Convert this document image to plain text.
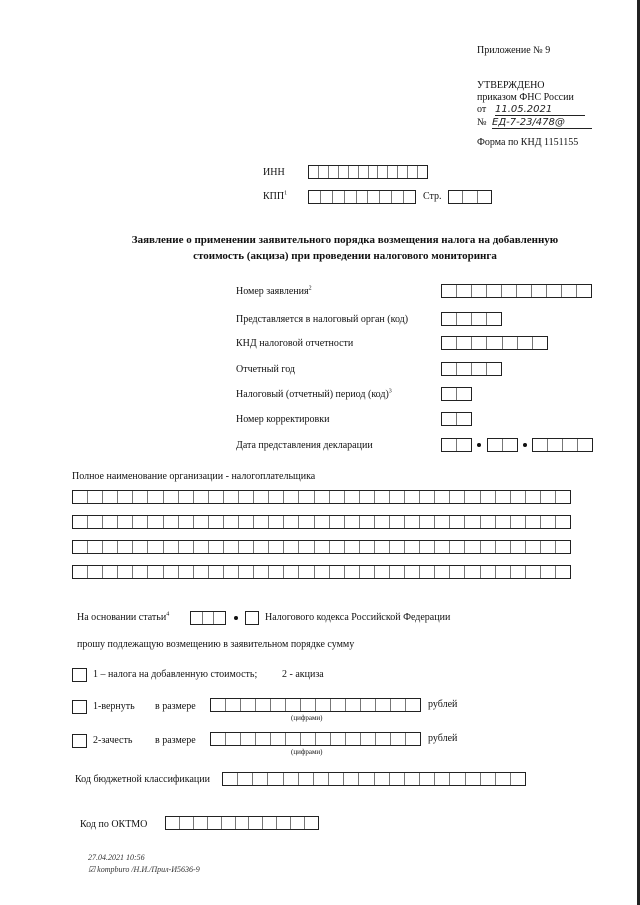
Приложение № 9
УТВЕРЖДЕНО
приказом ФНС России
от 11.05.2021
№ ЕД-7-23/478@
Форма по КНД 1151155
ИНН
КПП$^1$	Стр.
Заявление о применении заявительного порядка возмещения налога на добавленную
стоимость (акциза) при проведении налогового мониторинга
Номер заявления$^2$
Представляется в налоговый орган (код)
КНД налоговой отчетности
Отчетный год
Налоговый (отчетный) период (код)$^3$
Номер корректировки
Дата представления декларации
Полное наименование организации - налогоплательщика
На основании статьи$^4$	Налогового кодекса Российской Федерации
прошу подлежащую возмещению в заявительном порядке сумму
1 – налога на добавленную стоимость; 2 - акциза
1-вернуть в размере	рублей
(цифрами)
2-зачесть в размере	рублей
(цифрами)
Код бюджетной классификации
Код по ОКТМО
27.04.2021 10:56
☑ kompburo /Н.И./Прил-И5636-9
